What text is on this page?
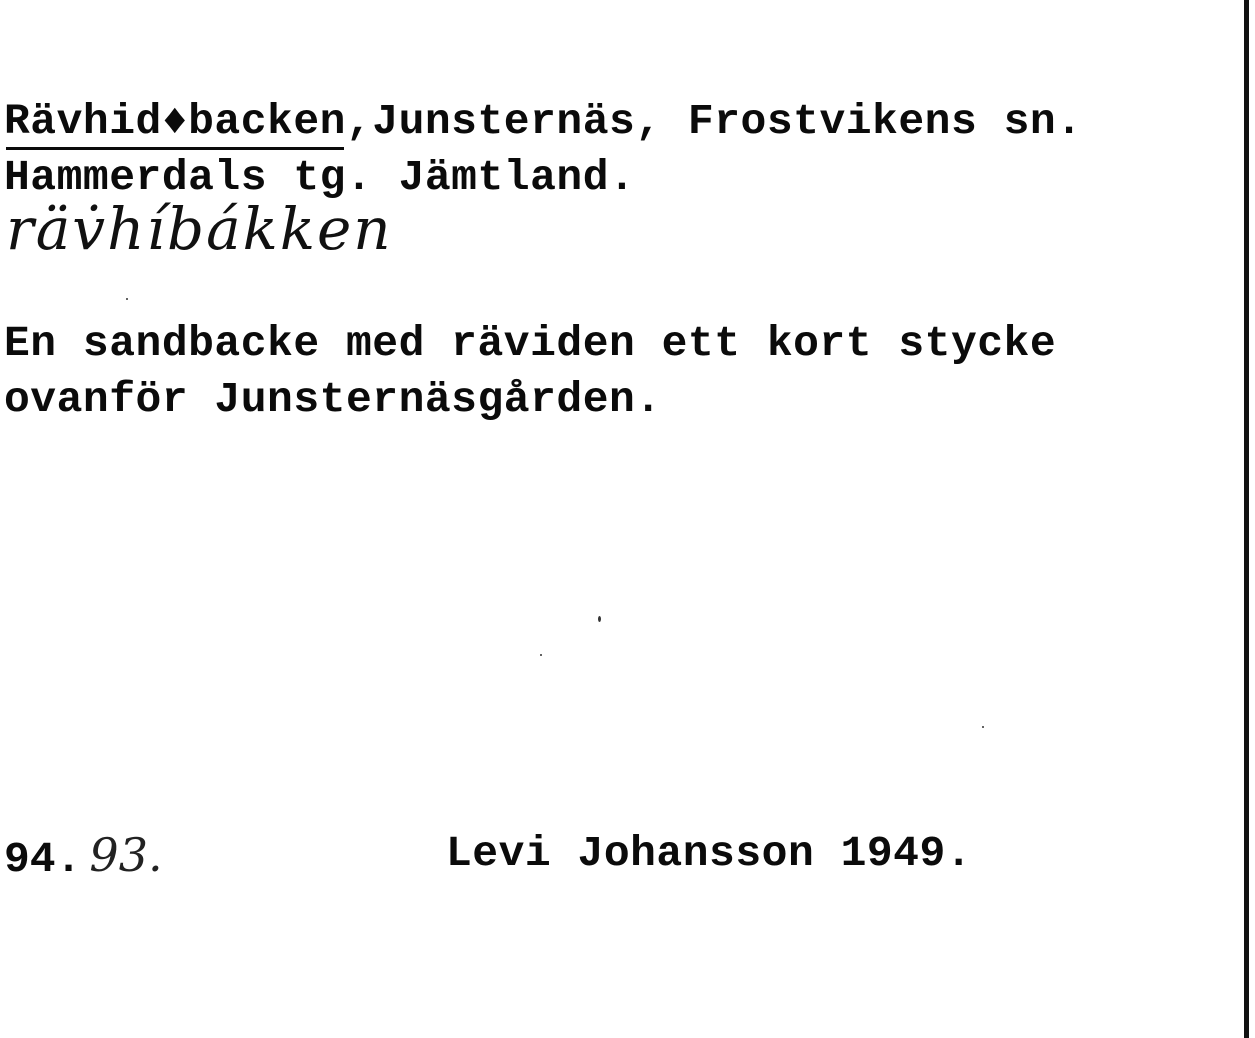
Rävhid♦backen,Junsternäs, Frostvikens sn.
Hammerdals tg. Jämtland.
räv̇híbákken
En sandbacke med räviden ett kort stycke
ovanför Junsternäsgården.
94. 93.	Levi Johansson 1949.
